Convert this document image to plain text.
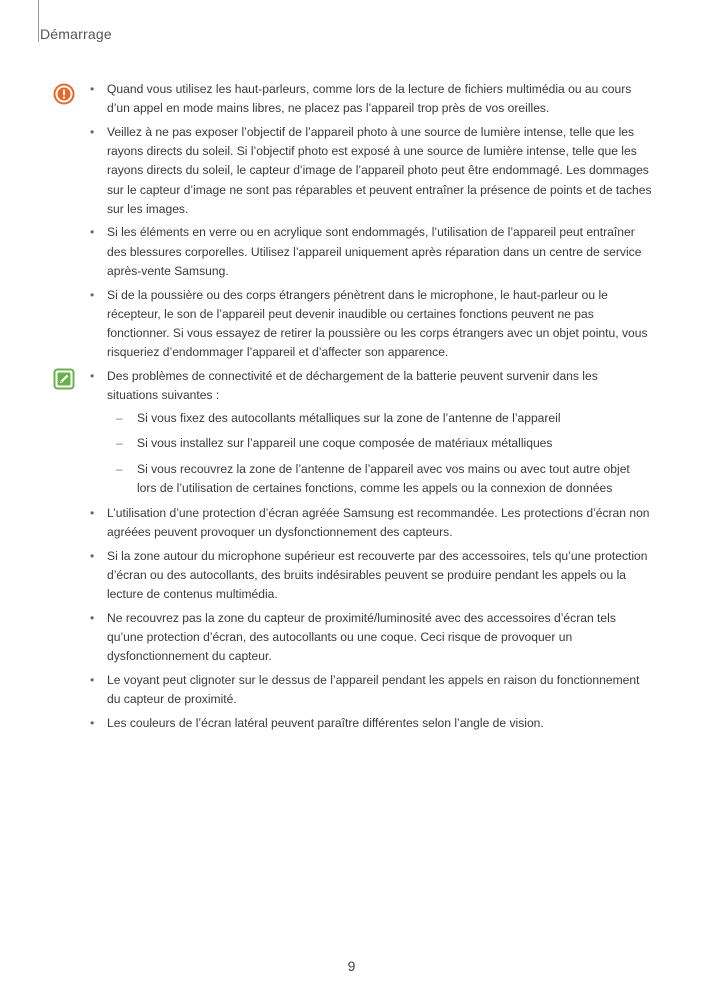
Démarrage
• Quand vous utilisez les haut-parleurs, comme lors de la lecture de fichiers multimédia ou au cours d’un appel en mode mains libres, ne placez pas l’appareil trop près de vos oreilles.
• Veillez à ne pas exposer l’objectif de l’appareil photo à une source de lumière intense, telle que les rayons directs du soleil. Si l’objectif photo est exposé à une source de lumière intense, telle que les rayons directs du soleil, le capteur d’image de l’appareil photo peut être endommagé. Les dommages sur le capteur d’image ne sont pas réparables et peuvent entraîner la présence de points et de taches sur les images.
• Si les éléments en verre ou en acrylique sont endommagés, l’utilisation de l’appareil peut entraîner des blessures corporelles. Utilisez l’appareil uniquement après réparation dans un centre de service après-vente Samsung.
• Si de la poussière ou des corps étrangers pénètrent dans le microphone, le haut-parleur ou le récepteur, le son de l’appareil peut devenir inaudible ou certaines fonctions peuvent ne pas fonctionner. Si vous essayez de retirer la poussière ou les corps étrangers avec un objet pointu, vous risqueriez d’endommager l’appareil et d’affecter son apparence.
• Des problèmes de connectivité et de déchargement de la batterie peuvent survenir dans les situations suivantes :
– Si vous fixez des autocollants métalliques sur la zone de l’antenne de l’appareil
– Si vous installez sur l’appareil une coque composée de matériaux métalliques
– Si vous recouvrez la zone de l’antenne de l’appareil avec vos mains ou avec tout autre objet lors de l’utilisation de certaines fonctions, comme les appels ou la connexion de données
• L’utilisation d’une protection d’écran agréée Samsung est recommandée. Les protections d’écran non agréées peuvent provoquer un dysfonctionnement des capteurs.
• Si la zone autour du microphone supérieur est recouverte par des accessoires, tels qu’une protection d’écran ou des autocollants, des bruits indésirables peuvent se produire pendant les appels ou la lecture de contenus multimédia.
• Ne recouvrez pas la zone du capteur de proximité/luminosité avec des accessoires d’écran tels qu’une protection d’écran, des autocollants ou une coque. Ceci risque de provoquer un dysfonctionnement du capteur.
• Le voyant peut clignoter sur le dessus de l’appareil pendant les appels en raison du fonctionnement du capteur de proximité.
• Les couleurs de l’écran latéral peuvent paraître différentes selon l’angle de vision.
9
